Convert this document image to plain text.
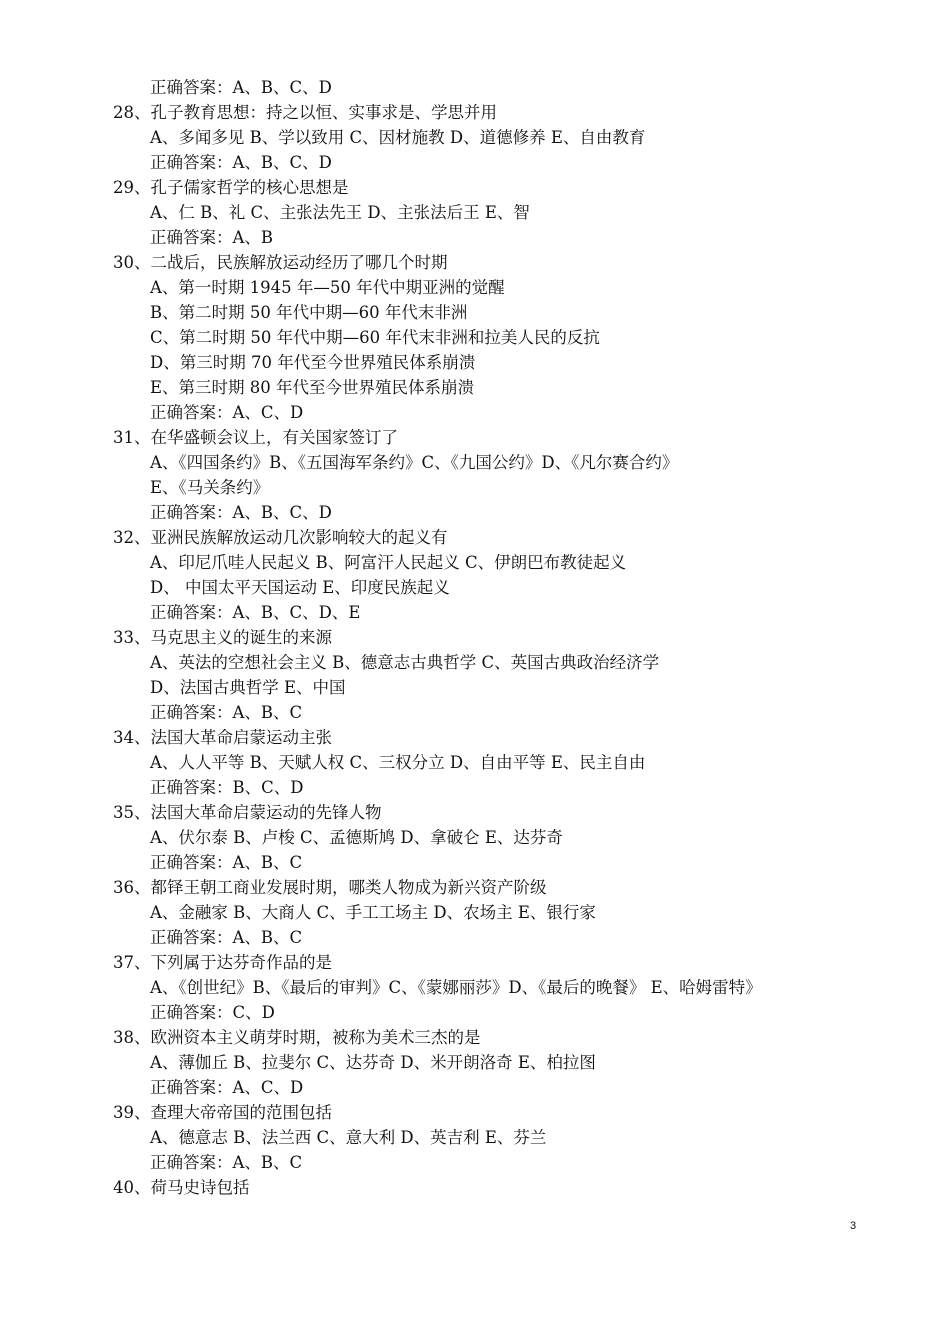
正确答案：A、B、C、D
28、孔子教育思想：持之以恒、实事求是、学思并用
A、多闻多见 B、学以致用 C、因材施教 D、道德修养 E、自由教育
正确答案：A、B、C、D
29、孔子儒家哲学的核心思想是
A、仁 B、礼 C、主张法先王 D、主张法后王 E、智
正确答案：A、B
30、二战后，民族解放运动经历了哪几个时期
A、第一时期 1945 年—50 年代中期亚洲的觉醒
B、第二时期 50 年代中期—60 年代末非洲
C、第二时期 50 年代中期—60 年代末非洲和拉美人民的反抗
D、第三时期 70 年代至今世界殖民体系崩溃
E、第三时期 80 年代至今世界殖民体系崩溃
正确答案：A、C、D
31、在华盛顿会议上，有关国家签订了
A、《四国条约》B、《五国海军条约》C、《九国公约》D、《凡尔赛合约》
E、《马关条约》
正确答案：A、B、C、D
32、亚洲民族解放运动几次影响较大的起义有
A、印尼爪哇人民起义 B、阿富汗人民起义 C、伊朗巴布教徒起义
D、 中国太平天国运动 E、印度民族起义
正确答案：A、B、C、D、E
33、马克思主义的诞生的来源
A、英法的空想社会主义 B、德意志古典哲学 C、英国古典政治经济学
D、法国古典哲学 E、中国
正确答案：A、B、C
34、法国大革命启蒙运动主张
A、人人平等 B、天赋人权 C、三权分立 D、自由平等 E、民主自由
正确答案：B、C、D
35、法国大革命启蒙运动的先锋人物
A、伏尔泰 B、卢梭 C、孟德斯鸠 D、拿破仑 E、达芬奇
正确答案：A、B、C
36、都铎王朝工商业发展时期，哪类人物成为新兴资产阶级
A、金融家 B、大商人 C、手工工场主 D、农场主 E、银行家
正确答案：A、B、C
37、下列属于达芬奇作品的是
A、《创世纪》B、《最后的审判》C、《蒙娜丽莎》D、《最后的晚餐》 E、哈姆雷特》
正确答案：C、D
38、欧洲资本主义萌芽时期，被称为美术三杰的是
A、薄伽丘 B、拉斐尔 C、达芬奇 D、米开朗洛奇 E、柏拉图
正确答案：A、C、D
39、查理大帝帝国的范围包括
A、德意志 B、法兰西 C、意大利 D、英吉利 E、芬兰
正确答案：A、B、C
40、荷马史诗包括
3
